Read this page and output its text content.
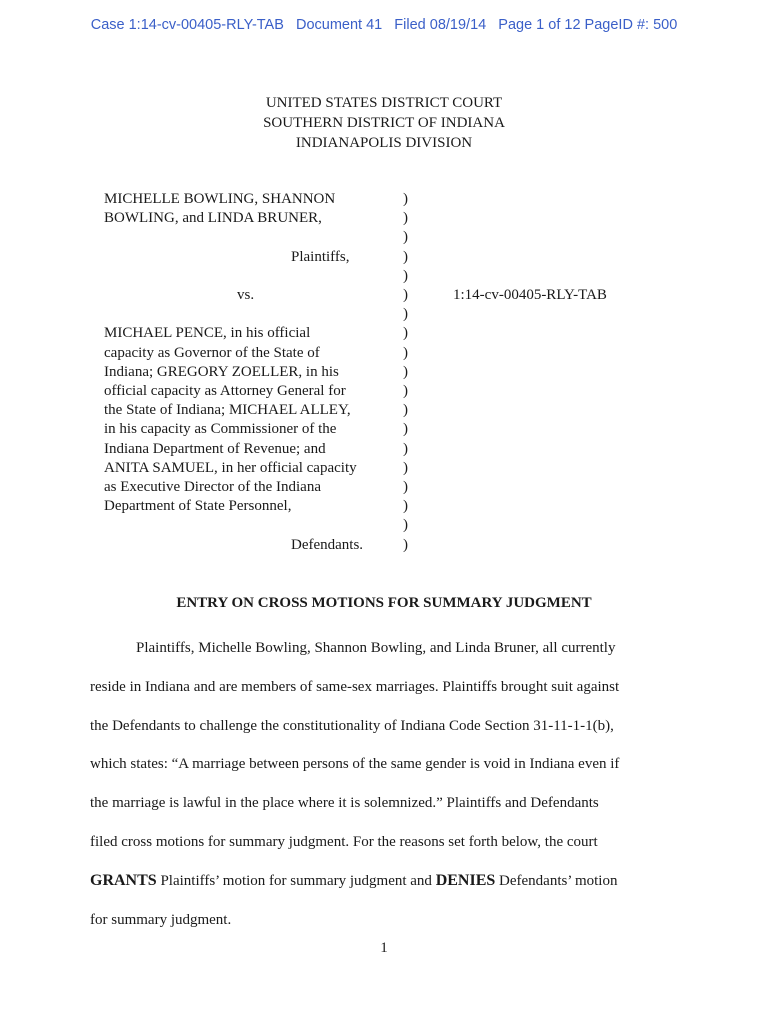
Case 1:14-cv-00405-RLY-TAB   Document 41   Filed 08/19/14   Page 1 of 12 PageID #: 500
UNITED STATES DISTRICT COURT
SOUTHERN DISTRICT OF INDIANA
INDIANAPOLIS DIVISION
MICHELLE BOWLING, SHANNON
BOWLING, and LINDA BRUNER,

Plaintiffs,

vs.

MICHAEL PENCE, in his official
capacity as Governor of the State of
Indiana; GREGORY ZOELLER, in his
official capacity as Attorney General for
the State of Indiana; MICHAEL ALLEY,
in his capacity as Commissioner of the
Indiana Department of Revenue; and
ANITA SAMUEL, in her official capacity
as Executive Director of the Indiana
Department of State Personnel,

Defendants.
)
)
)
)
)
)
)
)
)
)
)
)
)
)
)
)
)
)
)
1:14-cv-00405-RLY-TAB
ENTRY ON CROSS MOTIONS FOR SUMMARY JUDGMENT
Plaintiffs, Michelle Bowling, Shannon Bowling, and Linda Bruner, all currently
reside in Indiana and are members of same-sex marriages. Plaintiffs brought suit against
the Defendants to challenge the constitutionality of Indiana Code Section 31-11-1-1(b),
which states: “A marriage between persons of the same gender is void in Indiana even if
the marriage is lawful in the place where it is solemnized.” Plaintiffs and Defendants
filed cross motions for summary judgment. For the reasons set forth below, the court
GRANTS Plaintiffs’ motion for summary judgment and DENIES Defendants’ motion
for summary judgment.
1
